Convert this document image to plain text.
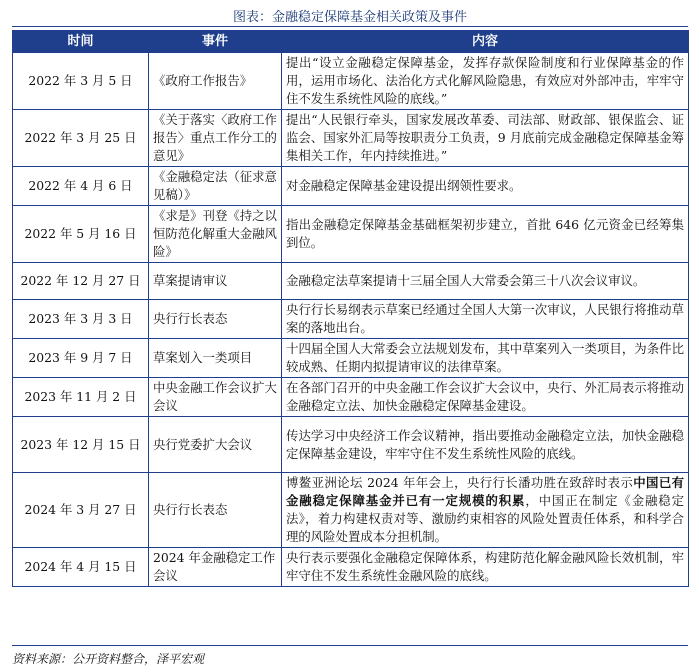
图表：金融稳定保障基金相关政策及事件
时间	事件	内容
2022 年 3 月 5 日	《政府工作报告》	提出“设立金融稳定保障基金，发挥存款保险制度和行业保障基金的作用，运用市场化、法治化方式化解风险隐患，有效应对外部冲击，牢牢守住不发生系统性风险的底线。”
2022 年 3 月 25 日	《关于落实〈政府工作报告〉重点工作分工的意见》	提出“人民银行牵头，国家发展改革委、司法部、财政部、银保监会、证监会、国家外汇局等按职责分工负责，9 月底前完成金融稳定保障基金筹集相关工作，年内持续推进。”
2022 年 4 月 6 日	《金融稳定法（征求意见稿）》	对金融稳定保障基金建设提出纲领性要求。
2022 年 5 月 16 日	《求是》刊登《持之以恒防范化解重大金融风险》	指出金融稳定保障基金基础框架初步建立，首批 646 亿元资金已经筹集到位。
2022 年 12 月 27 日	草案提请审议	金融稳定法草案提请十三届全国人大常委会第三十八次会议审议。
2023 年 3 月 3 日	央行行长表态	央行行长易纲表示草案已经通过全国人大第一次审议，人民银行将推动草案的落地出台。
2023 年 9 月 7 日	草案划入一类项目	十四届全国人大常委会立法规划发布，其中草案列入一类项目，为条件比较成熟、任期内拟提请审议的法律草案。
2023 年 11 月 2 日	中央金融工作会议扩大会议	在各部门召开的中央金融工作会议扩大会议中，央行、外汇局表示将推动金融稳定立法、加快金融稳定保障基金建设。
2023 年 12 月 15 日	央行党委扩大会议	传达学习中央经济工作会议精神，指出要推动金融稳定立法，加快金融稳定保障基金建设，牢牢守住不发生系统性风险的底线。
2024 年 3 月 27 日	央行行长表态	博鳌亚洲论坛 2024 年年会上，央行行长潘功胜在致辞时表示中国已有金融稳定保障基金并已有一定规模的积累，中国正在制定《金融稳定法》，着力构建权责对等、激励约束相容的风险处置责任体系，和科学合理的风险处置成本分担机制。
2024 年 4 月 15 日	2024 年金融稳定工作会议	央行表示要强化金融稳定保障体系，构建防范化解金融风险长效机制，牢牢守住不发生系统性金融风险的底线。
资料来源：公开资料整合，泽平宏观
